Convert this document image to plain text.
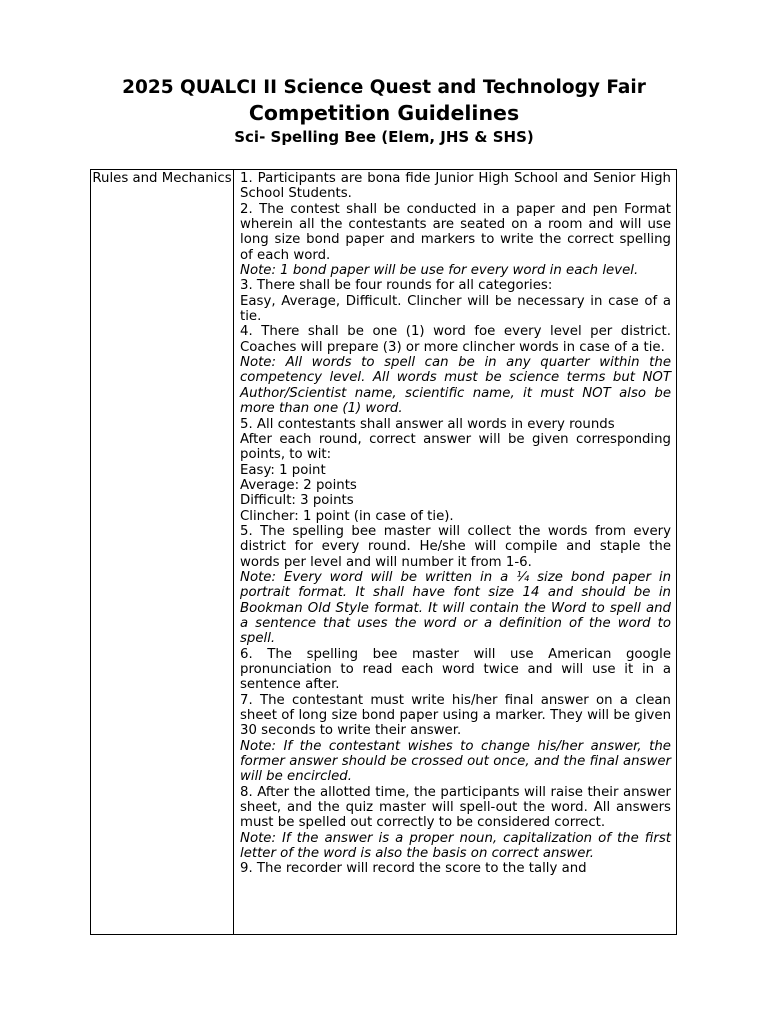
2025 QUALCI II Science Quest and Technology Fair
Competition Guidelines
Sci- Spelling Bee (Elem, JHS & SHS)
Rules and Mechanics 1. Participants are bona fide Junior High School and Senior High School Students.

2. The contest shall be conducted in a paper and pen Format wherein all the contestants are seated on a room and will use long size bond paper and markers to write the correct spelling of each word.

Note: 1 bond paper will be use for every word in each level.

3. There shall be four rounds for all categories:

Easy, Average, Difficult. Clincher will be necessary in case of a tie.

4. There shall be one (1) word foe every level per district. Coaches will prepare (3) or more clincher words in case of a tie.

Note: All words to spell can be in any quarter within the competency level. All words must be science terms but NOT Author/Scientist name, scientific name, it must NOT also be more than one (1) word.

5. All contestants shall answer all words in every rounds

After each round, correct answer will be given corresponding points, to wit:

Easy: 1 point

Average: 2 points

Difficult: 3 points

Clincher: 1 point (in case of tie).

5. The spelling bee master will collect the words from every district for every round. He/she will compile and staple the words per level and will number it from 1-6.

Note: Every word will be written in a ¼ size bond paper in portrait format. It shall have font size 14 and should be in Bookman Old Style format. It will contain the Word to spell and a sentence that uses the word or a definition of the word to spell.

6. The spelling bee master will use American google pronunciation to read each word twice and will use it in a sentence after.

7. The contestant must write his/her final answer on a clean sheet of long size bond paper using a marker. They will be given 30 seconds to write their answer.

Note: If the contestant wishes to change his/her answer, the former answer should be crossed out once, and the final answer will be encircled.

8. After the allotted time, the participants will raise their answer sheet, and the quiz master will spell-out the word. All answers must be spelled out correctly to be considered correct.

Note: If the answer is a proper noun, capitalization of the first letter of the word is also the basis on correct answer.

9. The recorder will record the score to the tally and
